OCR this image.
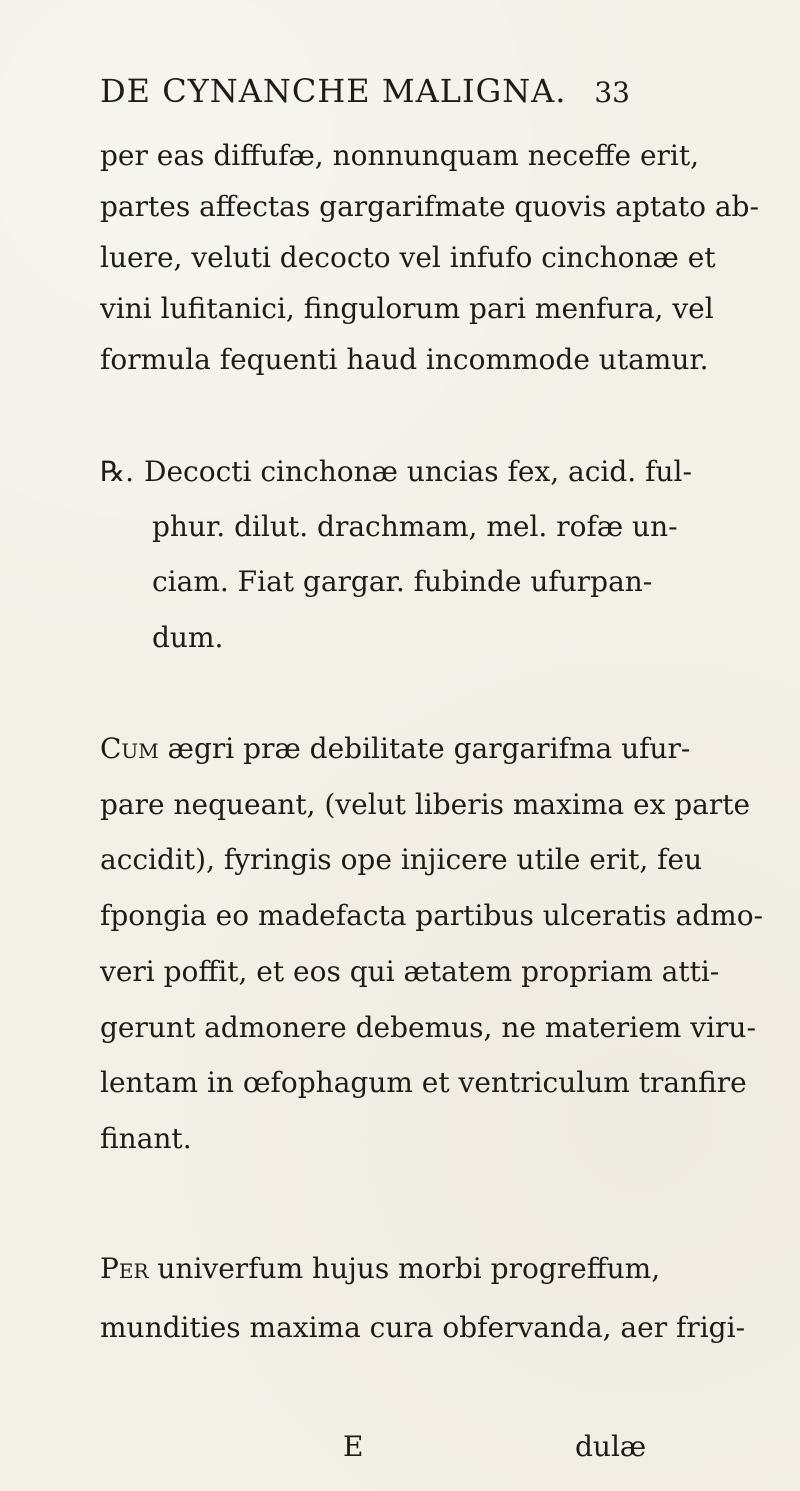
DE CYNANCHE MALIGNA. 33
per eas diffufæ, nonnunquam neceffe erit,
partes affectas gargarifmate quovis aptato ab-
luere, veluti decocto vel infufo cinchonæ et
vini lufitanici, fingulorum pari menfura, vel
formula fequenti haud incommode utamur.
℞. Decocti cinchonæ uncias fex, acid. ful-
phur. dilut. drachmam, mel. rofæ un-
ciam. Fiat gargar. fubinde ufurpan-
dum.
Cum ægri præ debilitate gargarifma ufur-
pare nequeant, (velut liberis maxima ex parte
accidit), fyringis ope injicere utile erit, feu
fpongia eo madefacta partibus ulceratis admo-
veri poffit, et eos qui ætatem propriam atti-
gerunt admonere debemus, ne materiem viru-
lentam in œfophagum et ventriculum tranfire
finant.
Per univerfum hujus morbi progreffum,
mundities maxima cura obfervanda, aer frigi-
E	dulæ
